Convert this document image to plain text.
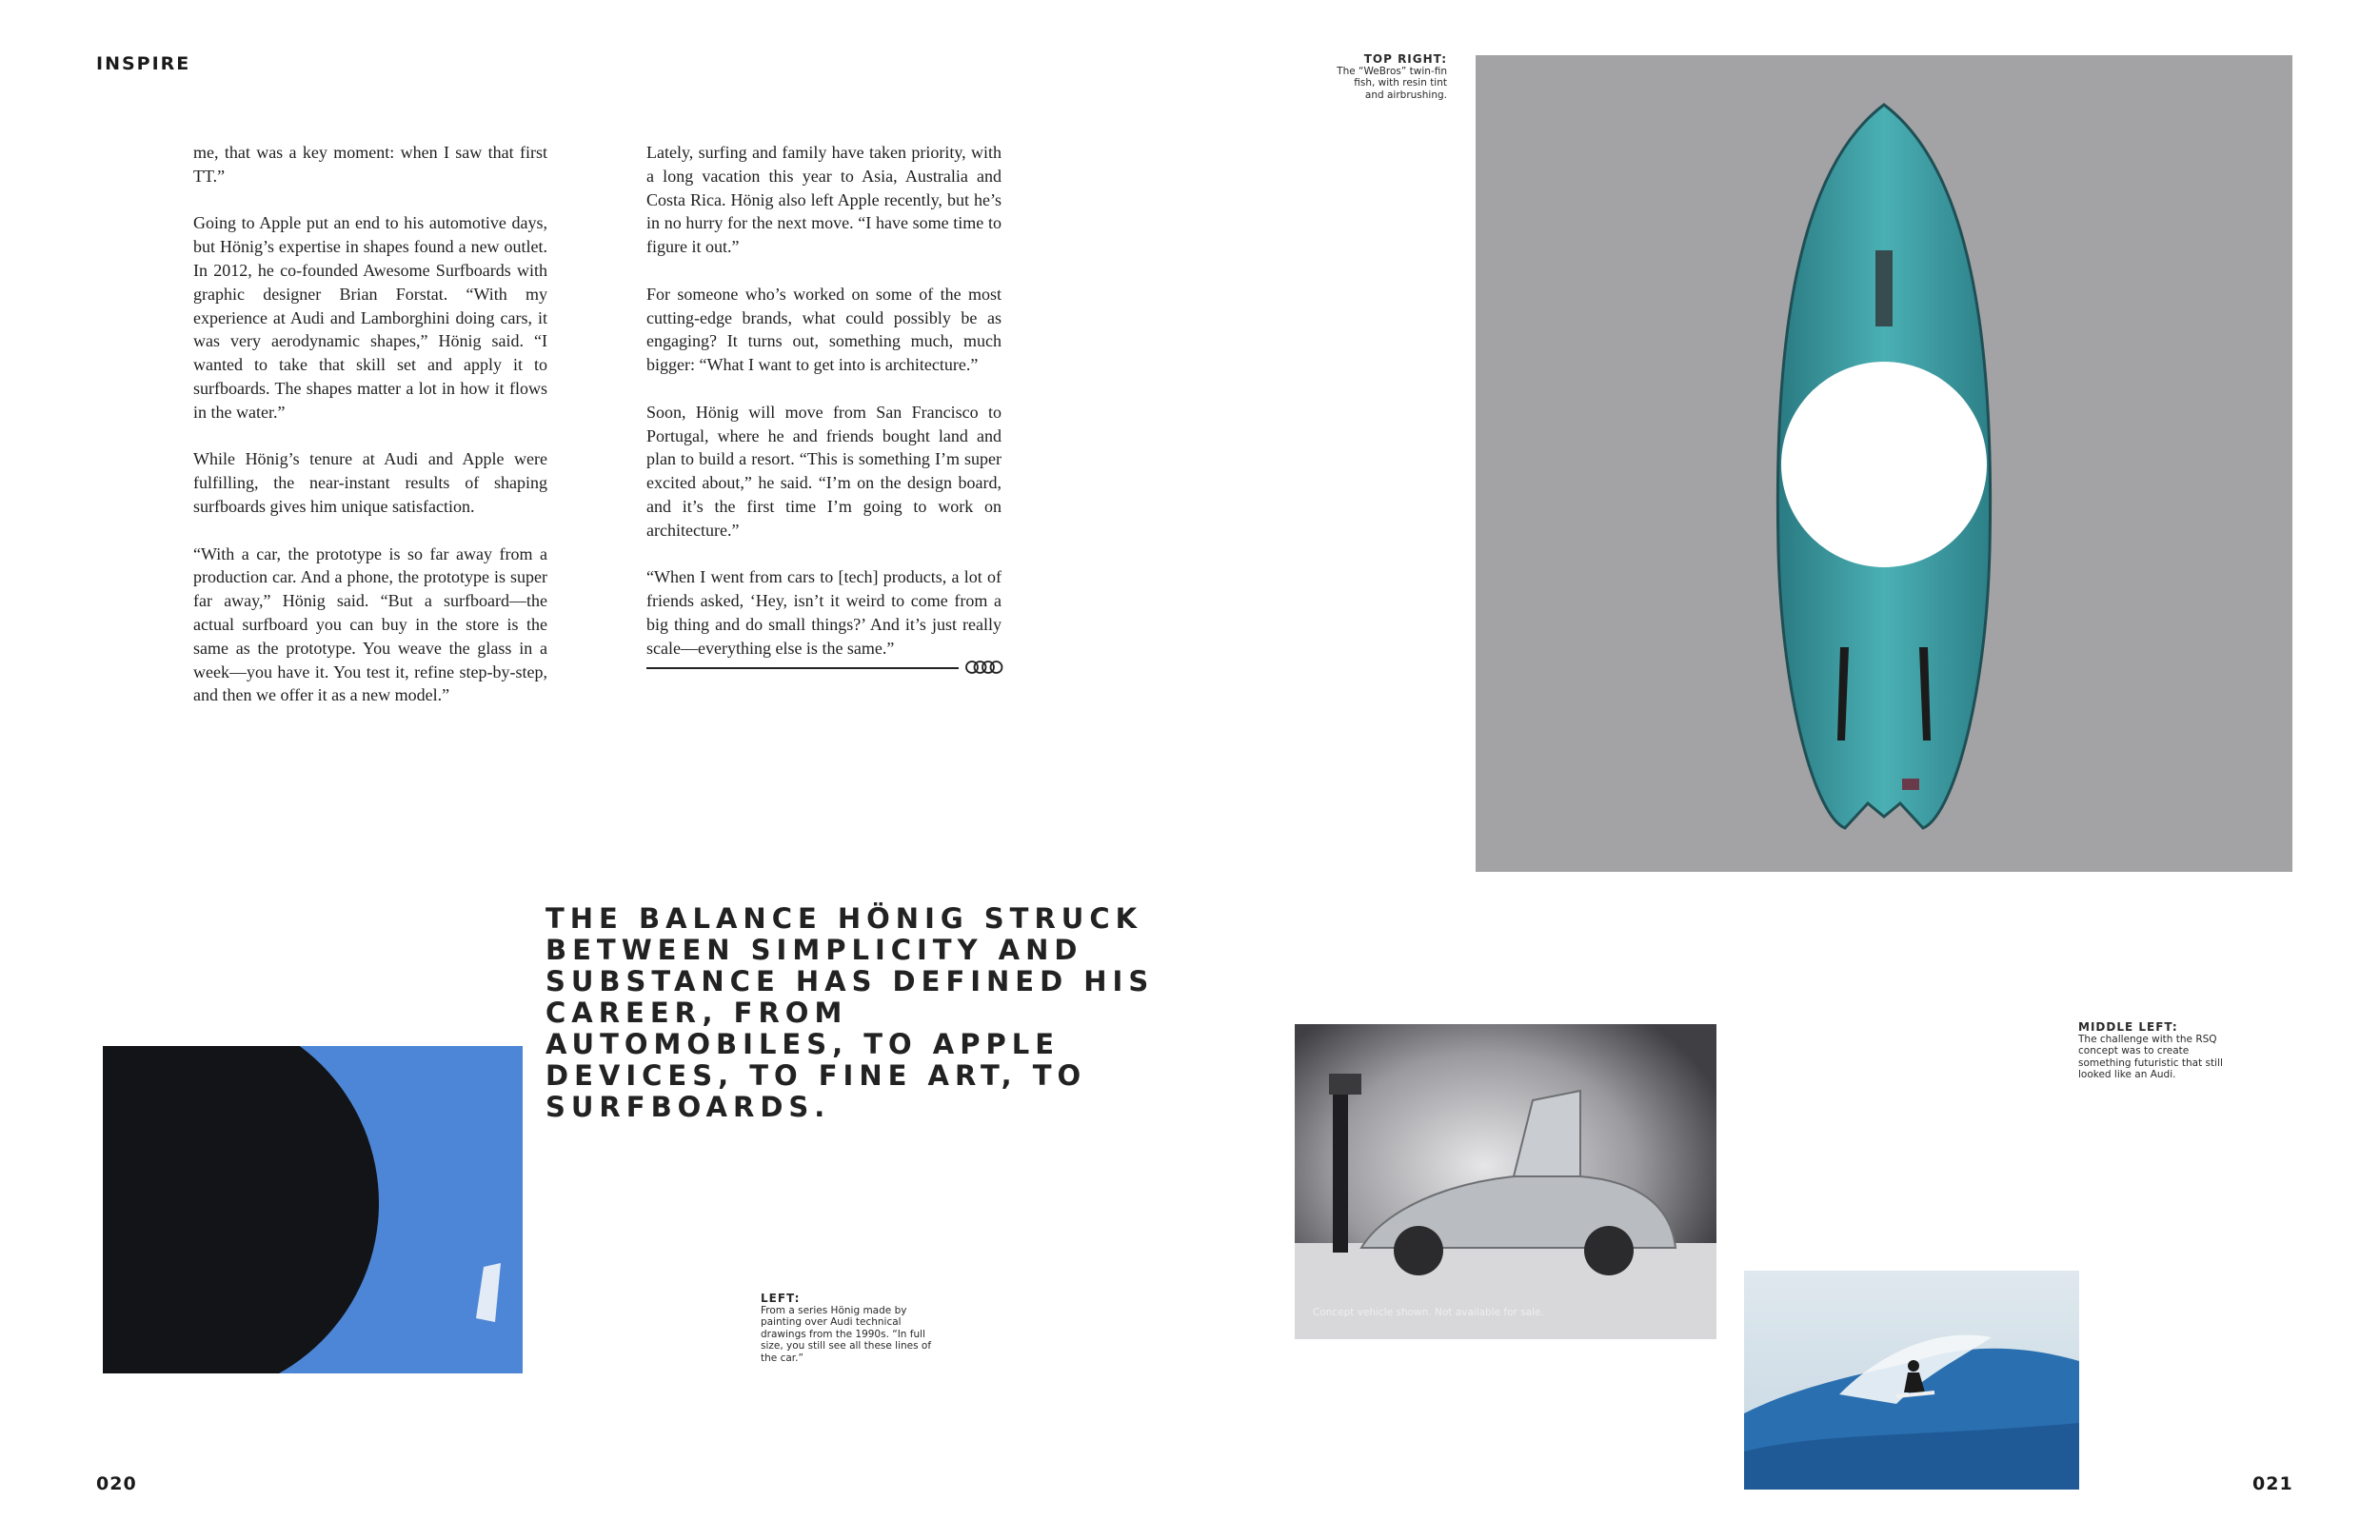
INSPIRE

me, that was a key moment: when I saw that first TT.”

Going to Apple put an end to his automotive days, but Hönig’s expertise in shapes found a new outlet. In 2012, he co-founded Awesome Surfboards with graphic designer Brian Forstat. “With my experience at Audi and Lamborghini doing cars, it was very aerodynamic shapes,” Hönig said. “I wanted to take that skill set and apply it to surfboards. The shapes matter a lot in how it flows in the water.”

While Hönig’s tenure at Audi and Apple were fulfilling, the near-instant results of shaping surfboards gives him unique satisfaction.

“With a car, the prototype is so far away from a production car. And a phone, the prototype is super far away,” Hönig said. “But a surfboard—the actual surfboard you can buy in the store is the same as the prototype. You weave the glass in a week—you have it. You test it, refine step-by-step, and then we offer it as a new model.”

Lately, surfing and family have taken priority, with a long vacation this year to Asia, Australia and Costa Rica. Hönig also left Apple recently, but he’s in no hurry for the next move. “I have some time to figure it out.”

For someone who’s worked on some of the most cutting-edge brands, what could possibly be as engaging? It turns out, something much, much bigger: “What I want to get into is architecture.”

Soon, Hönig will move from San Francisco to Portugal, where he and friends bought land and plan to build a resort. “This is something I’m super excited about,” he said. “I’m on the design board, and it’s the first time I’m going to work on architecture.”

“When I went from cars to [tech] products, a lot of friends asked, ‘Hey, isn’t it weird to come from a big thing and do small things?’ And it’s just really scale—everything else is the same.”

THE BALANCE HÖNIG STRUCK BETWEEN SIMPLICITY AND SUBSTANCE HAS DEFINED HIS CAREER, FROM AUTOMOBILES, TO APPLE DEVICES, TO FINE ART, TO SURFBOARDS.

TOP RIGHT:
The “WeBros” twin-fin fish, with resin tint and airbrushing.
LEFT:
From a series Hönig made by painting over Audi technical drawings from the 1990s. “In full size, you still see all these lines of the car.”
MIDDLE LEFT:
The challenge with the RSQ concept was to create something futuristic that still looked like an Audi.
Concept vehicle shown. Not available for sale.
020	021
